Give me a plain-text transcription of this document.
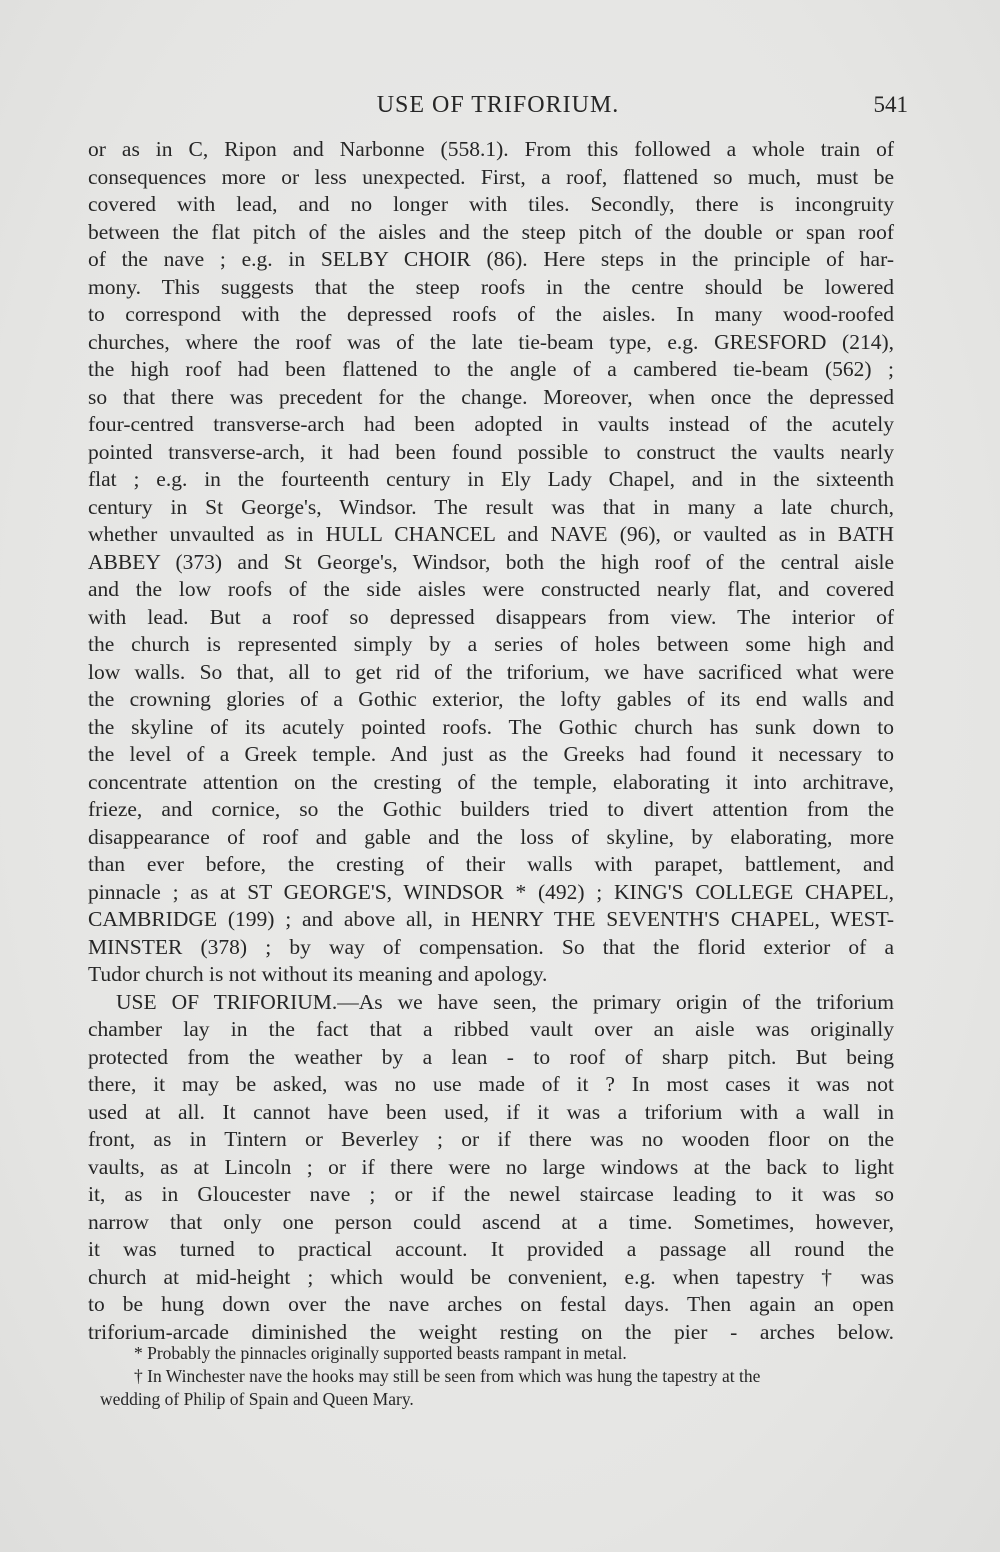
USE OF TRIFORIUM.	541
or as in C, Ripon and Narbonne (558.1). From this followed a whole train of
consequences more or less unexpected. First, a roof, flattened so much, must be
covered with lead, and no longer with tiles. Secondly, there is incongruity
between the flat pitch of the aisles and the steep pitch of the double or span roof
of the nave ; e.g. in SELBY CHOIR (86). Here steps in the principle of har-
mony. This suggests that the steep roofs in the centre should be lowered
to correspond with the depressed roofs of the aisles. In many wood-roofed
churches, where the roof was of the late tie-beam type, e.g. GRESFORD (214),
the high roof had been flattened to the angle of a cambered tie-beam (562) ;
so that there was precedent for the change. Moreover, when once the depressed
four-centred transverse-arch had been adopted in vaults instead of the acutely
pointed transverse-arch, it had been found possible to construct the vaults nearly
flat ; e.g. in the fourteenth century in Ely Lady Chapel, and in the sixteenth
century in St George's, Windsor. The result was that in many a late church,
whether unvaulted as in HULL CHANCEL and NAVE (96), or vaulted as in BATH
ABBEY (373) and St George's, Windsor, both the high roof of the central aisle
and the low roofs of the side aisles were constructed nearly flat, and covered
with lead. But a roof so depressed disappears from view. The interior of
the church is represented simply by a series of holes between some high and
low walls. So that, all to get rid of the triforium, we have sacrificed what were
the crowning glories of a Gothic exterior, the lofty gables of its end walls and
the skyline of its acutely pointed roofs. The Gothic church has sunk down to
the level of a Greek temple. And just as the Greeks had found it necessary to
concentrate attention on the cresting of the temple, elaborating it into architrave,
frieze, and cornice, so the Gothic builders tried to divert attention from the
disappearance of roof and gable and the loss of skyline, by elaborating, more
than ever before, the cresting of their walls with parapet, battlement, and
pinnacle ; as at ST GEORGE'S, WINDSOR * (492) ; KING'S COLLEGE CHAPEL,
CAMBRIDGE (199) ; and above all, in HENRY THE SEVENTH'S CHAPEL, WEST-
MINSTER (378) ; by way of compensation. So that the florid exterior of a
Tudor church is not without its meaning and apology.
USE OF TRIFORIUM.—As we have seen, the primary origin of the triforium
chamber lay in the fact that a ribbed vault over an aisle was originally
protected from the weather by a lean - to roof of sharp pitch. But being
there, it may be asked, was no use made of it ? In most cases it was not
used at all. It cannot have been used, if it was a triforium with a wall in
front, as in Tintern or Beverley ; or if there was no wooden floor on the
vaults, as at Lincoln ; or if there were no large windows at the back to light
it, as in Gloucester nave ; or if the newel staircase leading to it was so
narrow that only one person could ascend at a time. Sometimes, however,
it was turned to practical account. It provided a passage all round the
church at mid-height ; which would be convenient, e.g. when tapestry † was
to be hung down over the nave arches on festal days. Then again an open
triforium-arcade diminished the weight resting on the pier - arches below.
* Probably the pinnacles originally supported beasts rampant in metal.
† In Winchester nave the hooks may still be seen from which was hung the tapestry at the
wedding of Philip of Spain and Queen Mary.
